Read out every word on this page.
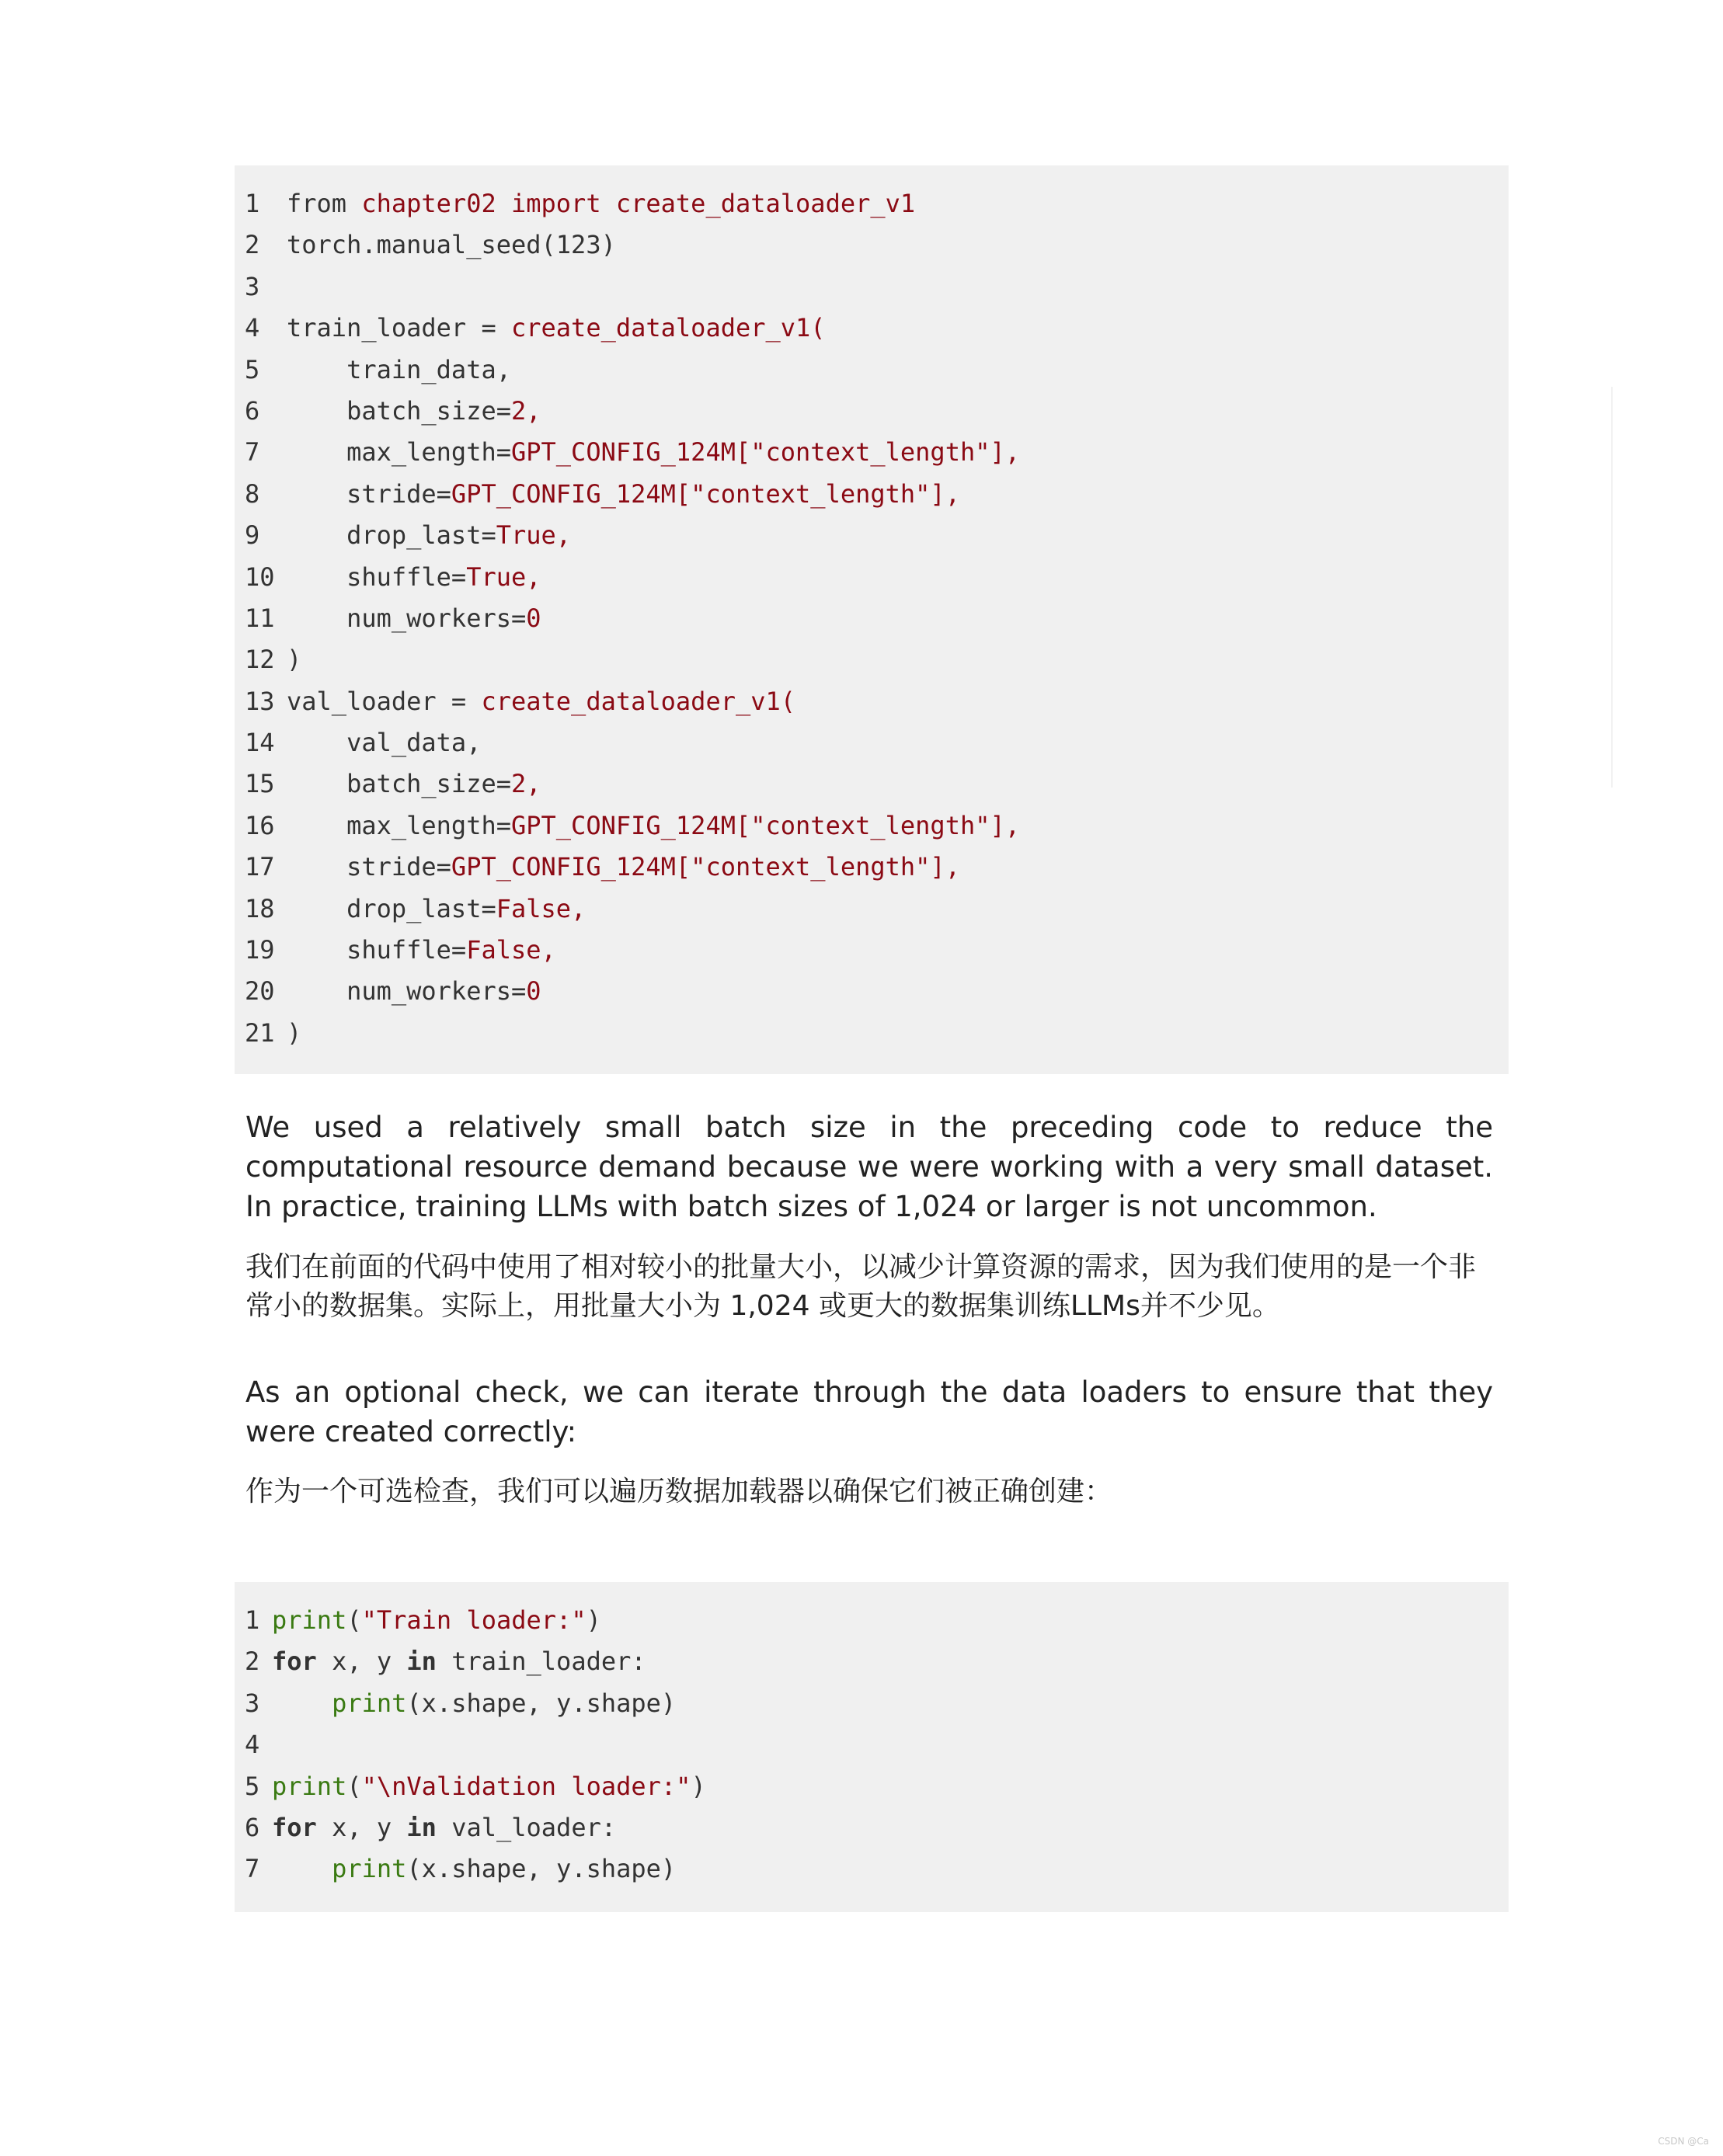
1 from chapter02 import create_dataloader_v1
2 torch.manual_seed(123)
3
4 train_loader = create_dataloader_v1(
5 train_data,
6 batch_size=2,
7 max_length=GPT_CONFIG_124M["context_length"],
8 stride=GPT_CONFIG_124M["context_length"],
9 drop_last=True,
10 shuffle=True,
11 num_workers=0
12 )
13 val_loader = create_dataloader_v1(
14 val_data,
15 batch_size=2,
16 max_length=GPT_CONFIG_124M["context_length"],
17 stride=GPT_CONFIG_124M["context_length"],
18 drop_last=False,
19 shuffle=False,
20 num_workers=0
21 )

We used a relatively small batch size in the preceding code to reduce the computational resource demand because we were working with a very small dataset. In practice, training LLMs with batch sizes of 1,024 or larger is not uncommon.

我们在前面的代码中使用了相对较小的批量大小，以减少计算资源的需求，因为我们使用的是一个非常小的数据集。实际上，用批量大小为 1,024 或更大的数据集训练LLMs并不少见。

As an optional check, we can iterate through the data loaders to ensure that they were created correctly:

作为一个可选检查，我们可以遍历数据加载器以确保它们被正确创建：

1 print("Train loader:")
2 for x, y in train_loader:
3	print(x.shape, y.shape)
4
5 print("\nValidation loader:")
6 for x, y in val_loader:
7	print(x.shape, y.shape)
CSDN @Ca
